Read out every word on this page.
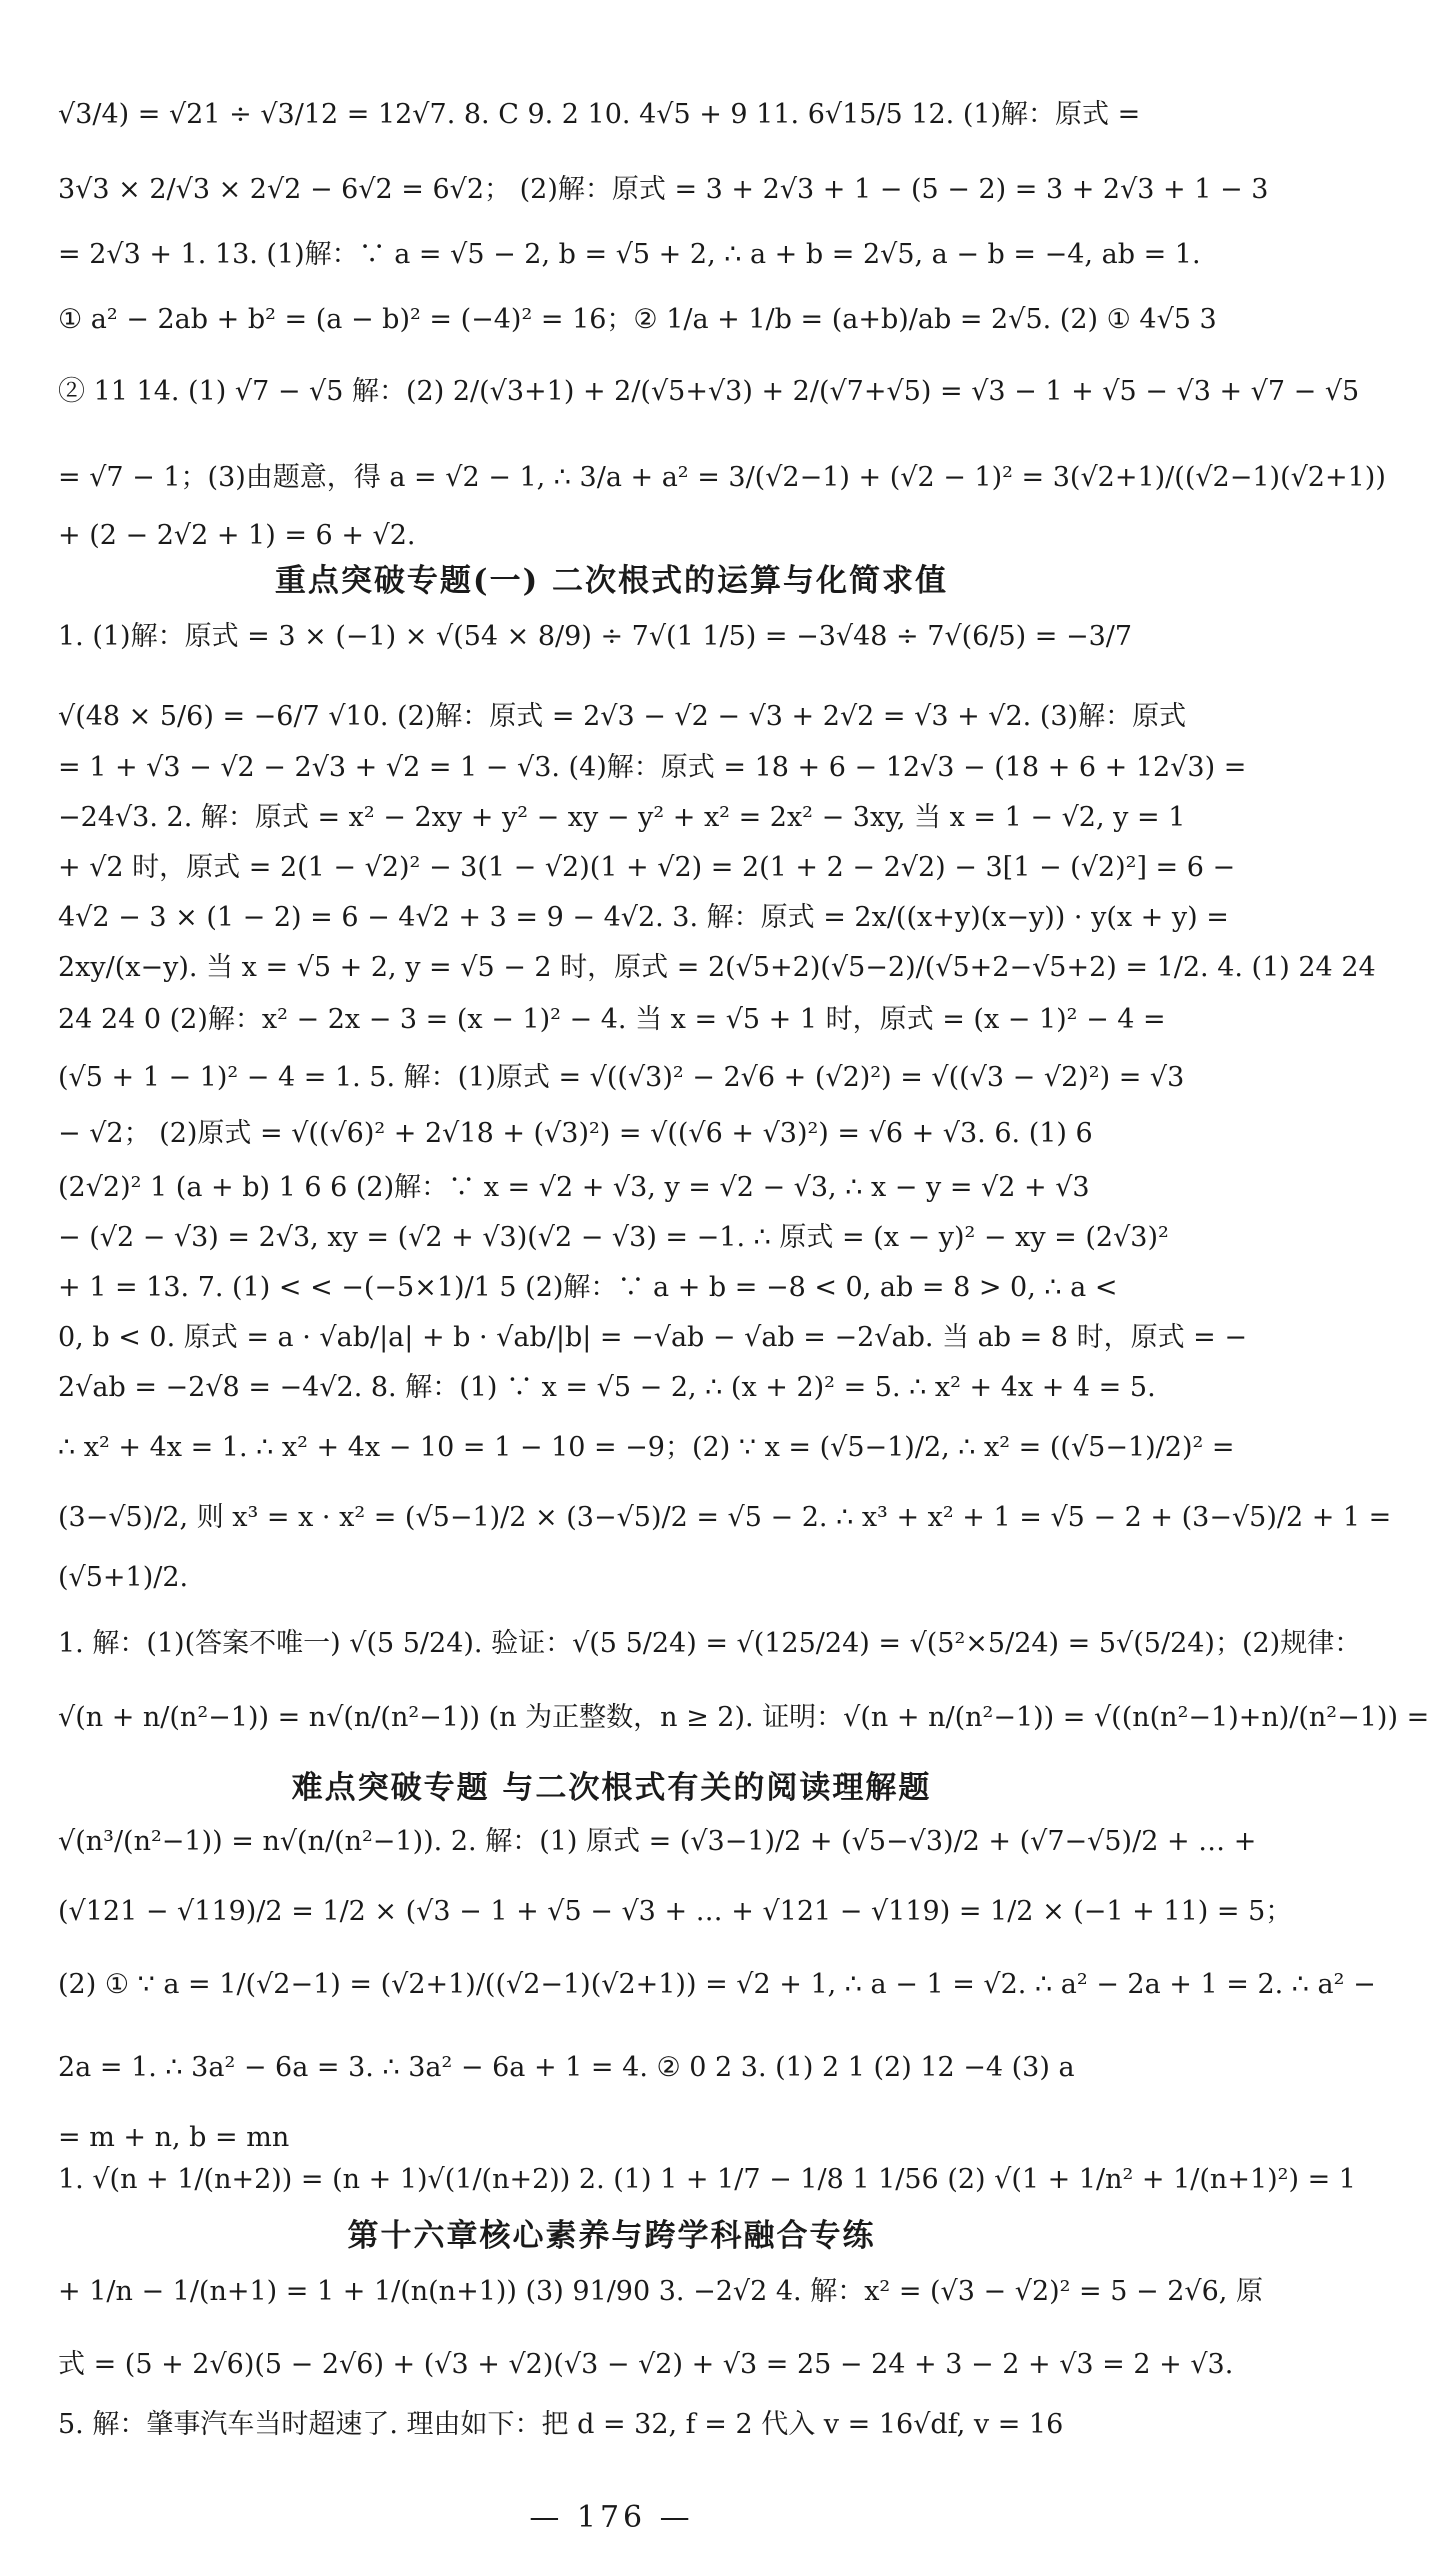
√3/4) = √21 ÷ √3/12 = 12√7. 8. C 9. 2 10. 4√5 + 9 11. 6√15/5 12. (1)解：原式 =
3√3 × 2/√3 × 2√2 − 6√2 = 6√2； (2)解：原式 = 3 + 2√3 + 1 − (5 − 2) = 3 + 2√3 + 1 − 3
= 2√3 + 1. 13. (1)解：∵ a = √5 − 2, b = √5 + 2, ∴ a + b = 2√5, a − b = −4, ab = 1.
① a² − 2ab + b² = (a − b)² = (−4)² = 16；② 1/a + 1/b = (a+b)/ab = 2√5. (2) ① 4√5 3
② 11 14. (1) √7 − √5 解：(2) 2/(√3+1) + 2/(√5+√3) + 2/(√7+√5) = √3 − 1 + √5 − √3 + √7 − √5
= √7 − 1；(3)由题意，得 a = √2 − 1, ∴ 3/a + a² = 3/(√2−1) + (√2 − 1)² = 3(√2+1)/((√2−1)(√2+1))
+ (2 − 2√2 + 1) = 6 + √2.
重点突破专题(一) 二次根式的运算与化简求值
1. (1)解：原式 = 3 × (−1) × √(54 × 8/9) ÷ 7√(1 1/5) = −3√48 ÷ 7√(6/5) = −3/7
√(48 × 5/6) = −6/7 √10. (2)解：原式 = 2√3 − √2 − √3 + 2√2 = √3 + √2. (3)解：原式
= 1 + √3 − √2 − 2√3 + √2 = 1 − √3. (4)解：原式 = 18 + 6 − 12√3 − (18 + 6 + 12√3) =
−24√3. 2. 解：原式 = x² − 2xy + y² − xy − y² + x² = 2x² − 3xy, 当 x = 1 − √2, y = 1
+ √2 时，原式 = 2(1 − √2)² − 3(1 − √2)(1 + √2) = 2(1 + 2 − 2√2) − 3[1 − (√2)²] = 6 −
4√2 − 3 × (1 − 2) = 6 − 4√2 + 3 = 9 − 4√2. 3. 解：原式 = 2x/((x+y)(x−y)) · y(x + y) =
2xy/(x−y). 当 x = √5 + 2, y = √5 − 2 时，原式 = 2(√5+2)(√5−2)/(√5+2−√5+2) = 1/2. 4. (1) 24 24
24 24 0 (2)解：x² − 2x − 3 = (x − 1)² − 4. 当 x = √5 + 1 时，原式 = (x − 1)² − 4 =
(√5 + 1 − 1)² − 4 = 1. 5. 解：(1)原式 = √((√3)² − 2√6 + (√2)²) = √((√3 − √2)²) = √3
− √2； (2)原式 = √((√6)² + 2√18 + (√3)²) = √((√6 + √3)²) = √6 + √3. 6. (1) 6
(2√2)² 1 (a + b) 1 6 6 (2)解：∵ x = √2 + √3, y = √2 − √3, ∴ x − y = √2 + √3
− (√2 − √3) = 2√3, xy = (√2 + √3)(√2 − √3) = −1. ∴ 原式 = (x − y)² − xy = (2√3)²
+ 1 = 13. 7. (1) < < −(−5×1)/1 5 (2)解：∵ a + b = −8 < 0, ab = 8 > 0, ∴ a <
0, b < 0. 原式 = a · √ab/|a| + b · √ab/|b| = −√ab − √ab = −2√ab. 当 ab = 8 时，原式 = −
2√ab = −2√8 = −4√2. 8. 解：(1) ∵ x = √5 − 2, ∴ (x + 2)² = 5. ∴ x² + 4x + 4 = 5.
∴ x² + 4x = 1. ∴ x² + 4x − 10 = 1 − 10 = −9；(2) ∵ x = (√5−1)/2, ∴ x² = ((√5−1)/2)² =
(3−√5)/2, 则 x³ = x · x² = (√5−1)/2 × (3−√5)/2 = √5 − 2. ∴ x³ + x² + 1 = √5 − 2 + (3−√5)/2 + 1 =
(√5+1)/2.
1. 解：(1)(答案不唯一) √(5 5/24). 验证：√(5 5/24) = √(125/24) = √(5²×5/24) = 5√(5/24)；(2)规律：
√(n + n/(n²−1)) = n√(n/(n²−1)) (n 为正整数，n ≥ 2). 证明：√(n + n/(n²−1)) = √((n(n²−1)+n)/(n²−1)) =
难点突破专题 与二次根式有关的阅读理解题
√(n³/(n²−1)) = n√(n/(n²−1)). 2. 解：(1) 原式 = (√3−1)/2 + (√5−√3)/2 + (√7−√5)/2 + … +
(√121 − √119)/2 = 1/2 × (√3 − 1 + √5 − √3 + … + √121 − √119) = 1/2 × (−1 + 11) = 5；
(2) ① ∵ a = 1/(√2−1) = (√2+1)/((√2−1)(√2+1)) = √2 + 1, ∴ a − 1 = √2. ∴ a² − 2a + 1 = 2. ∴ a² −
2a = 1. ∴ 3a² − 6a = 3. ∴ 3a² − 6a + 1 = 4. ② 0 2 3. (1) 2 1 (2) 12 −4 (3) a
= m + n, b = mn
1. √(n + 1/(n+2)) = (n + 1)√(1/(n+2)) 2. (1) 1 + 1/7 − 1/8 1 1/56 (2) √(1 + 1/n² + 1/(n+1)²) = 1
第十六章核心素养与跨学科融合专练
+ 1/n − 1/(n+1) = 1 + 1/(n(n+1)) (3) 91/90 3. −2√2 4. 解：x² = (√3 − √2)² = 5 − 2√6, 原
式 = (5 + 2√6)(5 − 2√6) + (√3 + √2)(√3 − √2) + √3 = 25 − 24 + 3 − 2 + √3 = 2 + √3.
5. 解：肇事汽车当时超速了. 理由如下：把 d = 32, f = 2 代入 v = 16√df, v = 16
— 176 —
